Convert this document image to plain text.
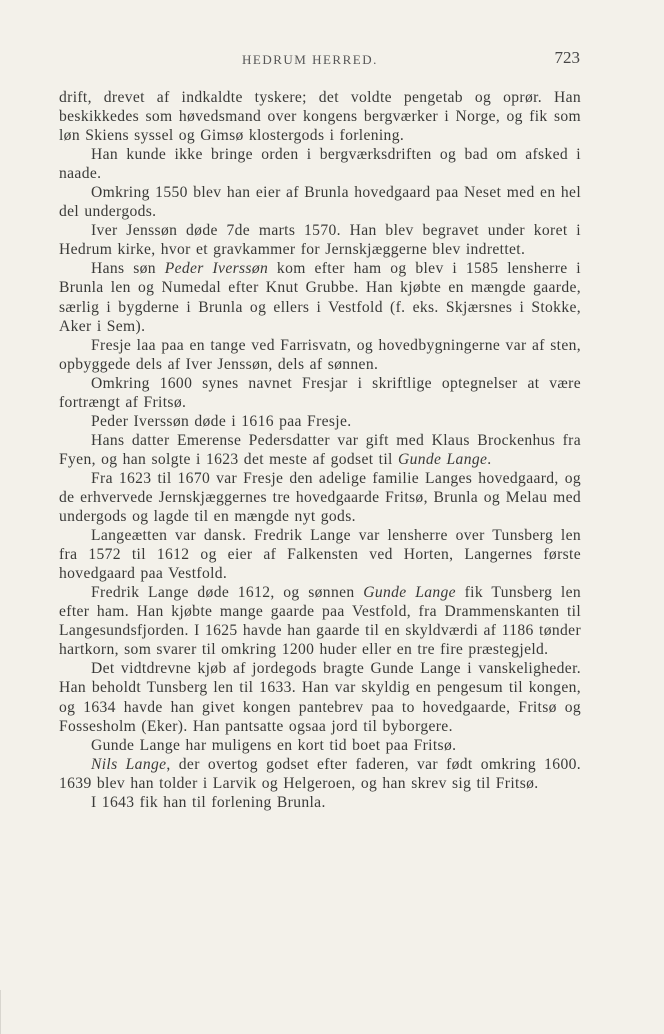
HEDRUM HERRED.	723

drift, drevet af indkaldte tyskere; det voldte pengetab og oprør. Han beskikkedes som høvedsmand over kongens bergværker i Norge, og fik som løn Skiens syssel og Gimsø klostergods i forlening.

Han kunde ikke bringe orden i bergværksdriften og bad om afsked i naade.

Omkring 1550 blev han eier af Brunla hovedgaard paa Neset med en hel del undergods.

Iver Jenssøn døde 7de marts 1570. Han blev begravet under koret i Hedrum kirke, hvor et gravkammer for Jernskjæggerne blev indrettet.

Hans søn Peder Iverssøn kom efter ham og blev i 1585 lensherre i Brunla len og Numedal efter Knut Grubbe. Han kjøbte en mængde gaarde, særlig i bygderne i Brunla og ellers i Vestfold (f. eks. Skjærsnes i Stokke, Aker i Sem).

Fresje laa paa en tange ved Farrisvatn, og hovedbygningerne var af sten, opbyggede dels af Iver Jenssøn, dels af sønnen.

Omkring 1600 synes navnet Fresjar i skriftlige optegnelser at være fortrængt af Fritsø.

Peder Iverssøn døde i 1616 paa Fresje.

Hans datter Emerense Pedersdatter var gift med Klaus Brockenhus fra Fyen, og han solgte i 1623 det meste af godset til Gunde Lange.

Fra 1623 til 1670 var Fresje den adelige familie Langes hovedgaard, og de erhvervede Jernskjæggernes tre hovedgaarde Fritsø, Brunla og Melau med undergods og lagde til en mængde nyt gods.

Langeætten var dansk. Fredrik Lange var lensherre over Tunsberg len fra 1572 til 1612 og eier af Falkensten ved Horten, Langernes første hovedgaard paa Vestfold.

Fredrik Lange døde 1612, og sønnen Gunde Lange fik Tunsberg len efter ham. Han kjøbte mange gaarde paa Vestfold, fra Drammenskanten til Langesundsfjorden. I 1625 havde han gaarde til en skyldværdi af 1186 tønder hartkorn, som svarer til omkring 1200 huder eller en tre fire præstegjeld.

Det vidtdrevne kjøb af jordegods bragte Gunde Lange i vanskeligheder. Han beholdt Tunsberg len til 1633. Han var skyldig en pengesum til kongen, og 1634 havde han givet kongen pantebrev paa to hovedgaarde, Fritsø og Fossesholm (Eker). Han pantsatte ogsaa jord til byborgere.

Gunde Lange har muligens en kort tid boet paa Fritsø.

Nils Lange, der overtog godset efter faderen, var født omkring 1600. 1639 blev han tolder i Larvik og Helgeroen, og han skrev sig til Fritsø.

I 1643 fik han til forlening Brunla.
